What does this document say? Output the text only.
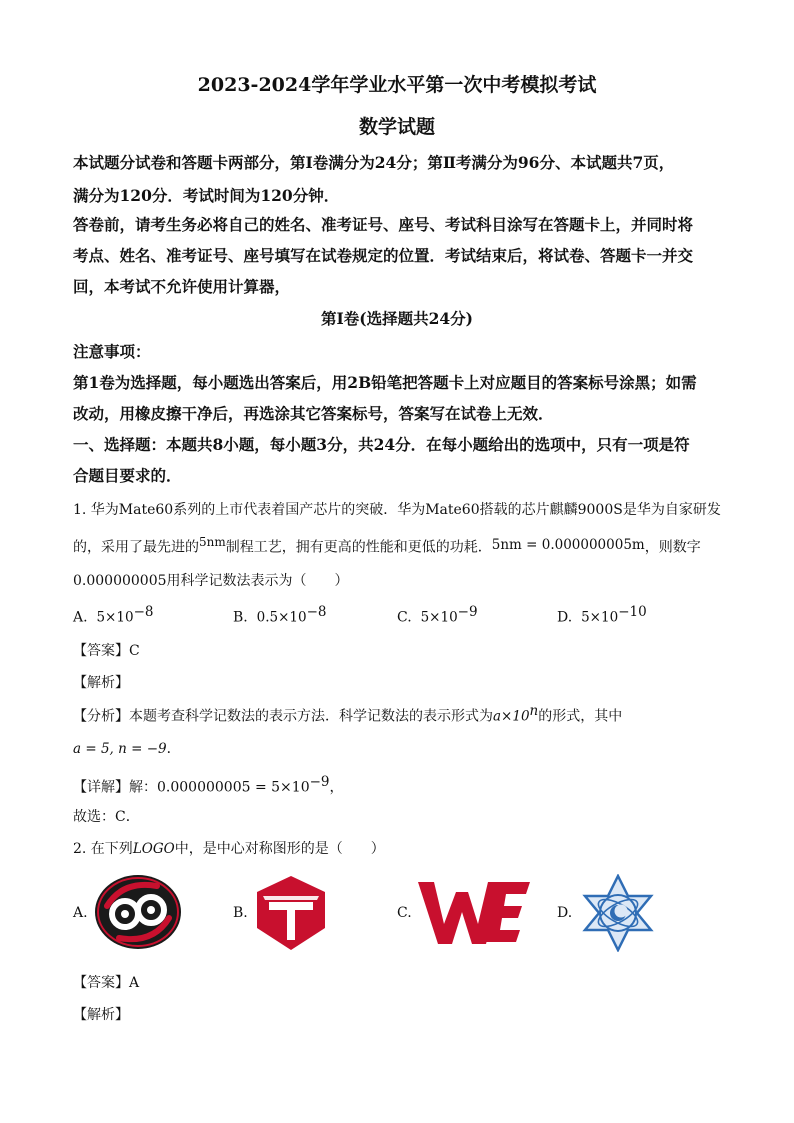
2023-2024学年学业水平第一次中考模拟考试
数学试题
本试题分试卷和答题卡两部分，第Ⅰ卷满分为24分；第Ⅱ考满分为96分、本试题共7页，
满分为120分．考试时间为120分钟．
答卷前，请考生务必将自己的姓名、准考证号、座号、考试科目涂写在答题卡上，并同时将
考点、姓名、准考证号、座号填写在试卷规定的位置．考试结束后，将试卷、答题卡一并交
回，本考试不允许使用计算器，
第Ⅰ卷(选择题共24分)
注意事项：
第1卷为选择题，每小题选出答案后，用2B铅笔把答题卡上对应题目的答案标号涂黑；如需
改动，用橡皮擦干净后，再选涂其它答案标号，答案写在试卷上无效．
一、选择题：本题共8小题，每小题3分，共24分．在每小题给出的选项中，只有一项是符
合题目要求的．
1. 华为Mate60系列的上市代表着国产芯片的突破．华为Mate60搭载的芯片麒麟9000S是华为自家研发
的，采用了最先进的$^{5nm}$制程工艺，拥有更高的性能和更低的功耗．5nm = 0.000000005m，则数字
0.000000005用科学记数法表示为（　　）
A. $5\times 10^{-8}$	B. $0.5\times 10^{-8}$	C. $5\times 10^{-9}$	D. $5\times 10^{-10}$
【答案】C
【解析】
【分析】本题考查科学记数法的表示方法．科学记数法的表示形式为$a\times 10^n$的形式，其中
a = 5, n = −9．
【详解】解：$0.000000005 = 5\times 10^{-9}$，
故选：C．
2. 在下列LOGO中，是中心对称图形的是（　　）
A.	B.	C.	D.
【答案】A
【解析】
